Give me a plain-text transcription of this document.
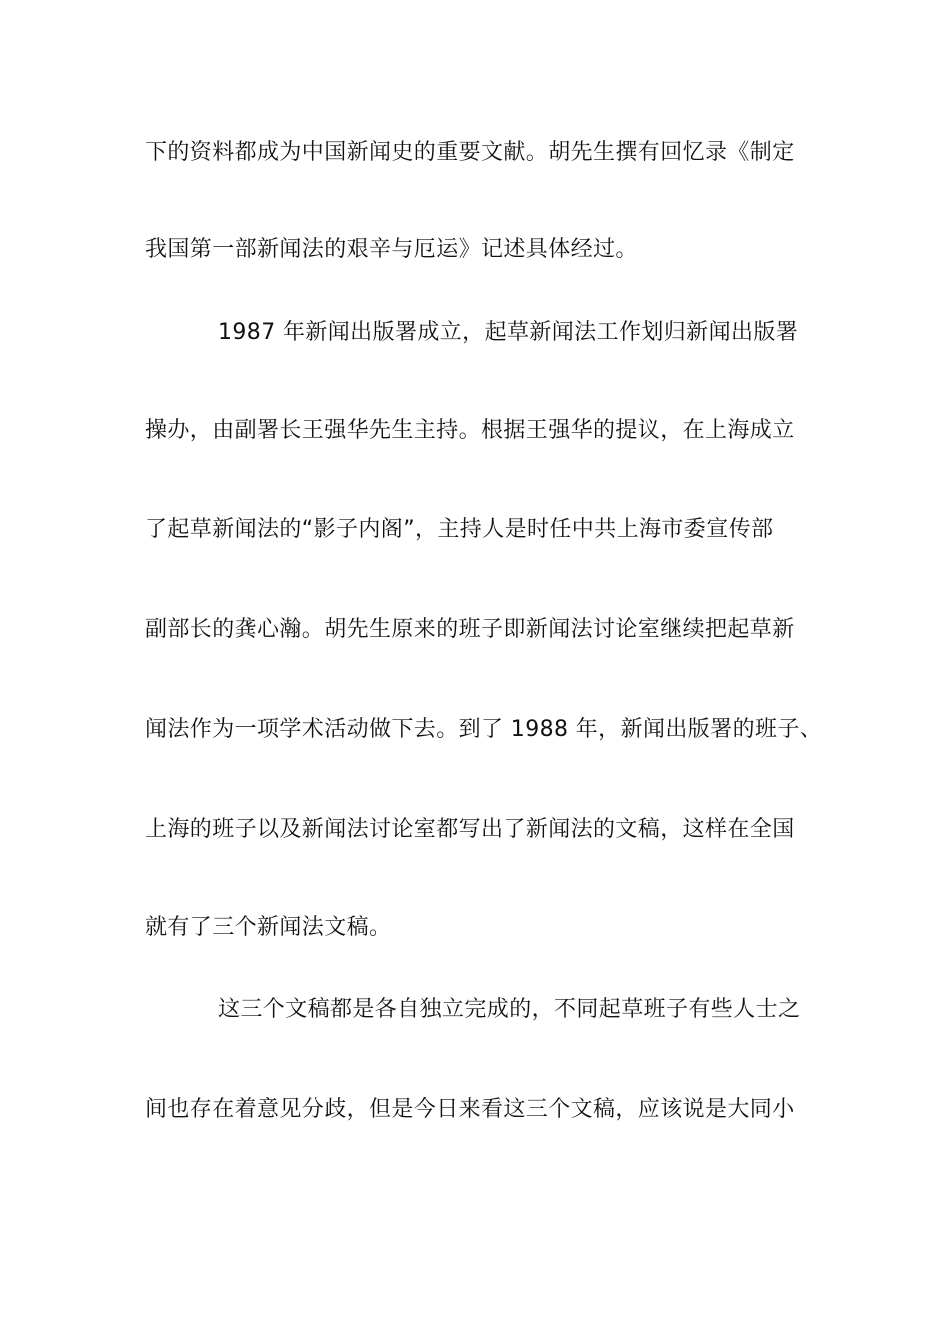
下的资料都成为中国新闻史的重要文献。胡先生撰有回忆录《制定
我国第一部新闻法的艰辛与厄运》记述具体经过。
1987 年新闻出版署成立，起草新闻法工作划归新闻出版署
操办，由副署长王强华先生主持。根据王强华的提议，在上海成立
了起草新闻法的“影子内阁”，主持人是时任中共上海市委宣传部
副部长的龚心瀚。胡先生原来的班子即新闻法讨论室继续把起草新
闻法作为一项学术活动做下去。到了 1988 年，新闻出版署的班子、
上海的班子以及新闻法讨论室都写出了新闻法的文稿，这样在全国
就有了三个新闻法文稿。
这三个文稿都是各自独立完成的，不同起草班子有些人士之
间也存在着意见分歧，但是今日来看这三个文稿，应该说是大同小
